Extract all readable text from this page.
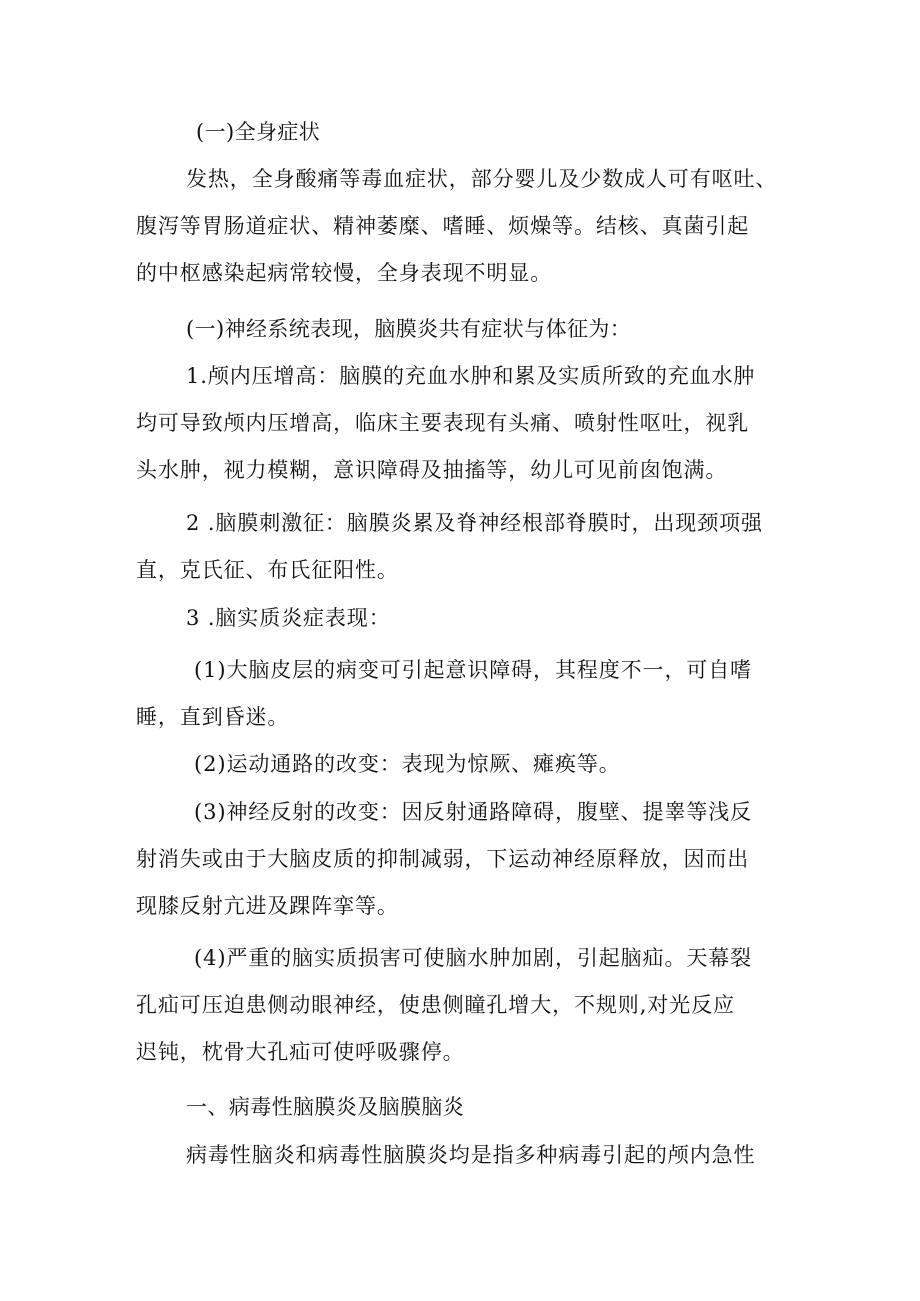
(一)全身症状
发热，全身酸痛等毒血症状，部分婴儿及少数成人可有呕吐、
腹泻等胃肠道症状、精神萎糜、嗜睡、烦燥等。结核、真菌引起
的中枢感染起病常较慢，全身表现不明显。
(一)神经系统表现，脑膜炎共有症状与体征为：
1.颅内压增高：脑膜的充血水肿和累及实质所致的充血水肿
均可导致颅内压增高，临床主要表现有头痛、喷射性呕吐，视乳
头水肿，视力模糊，意识障碍及抽搐等，幼儿可见前囱饱满。
2 .脑膜刺激征：脑膜炎累及脊神经根部脊膜时，出现颈项强
直，克氏征、布氏征阳性。
3 .脑实质炎症表现：
(1)大脑皮层的病变可引起意识障碍，其程度不一，可自嗜
睡，直到昏迷。
(2)运动通路的改变：表现为惊厥、瘫痪等。
(3)神经反射的改变：因反射通路障碍，腹壁、提睾等浅反
射消失或由于大脑皮质的抑制减弱，下运动神经原释放，因而出
现膝反射亢进及踝阵挛等。
(4)严重的脑实质损害可使脑水肿加剧，引起脑疝。天幕裂
孔疝可压迫患侧动眼神经，使患侧瞳孔增大，不规则,对光反应
迟钝，枕骨大孔疝可使呼吸骤停。
一、病毒性脑膜炎及脑膜脑炎
病毒性脑炎和病毒性脑膜炎均是指多种病毒引起的颅内急性
